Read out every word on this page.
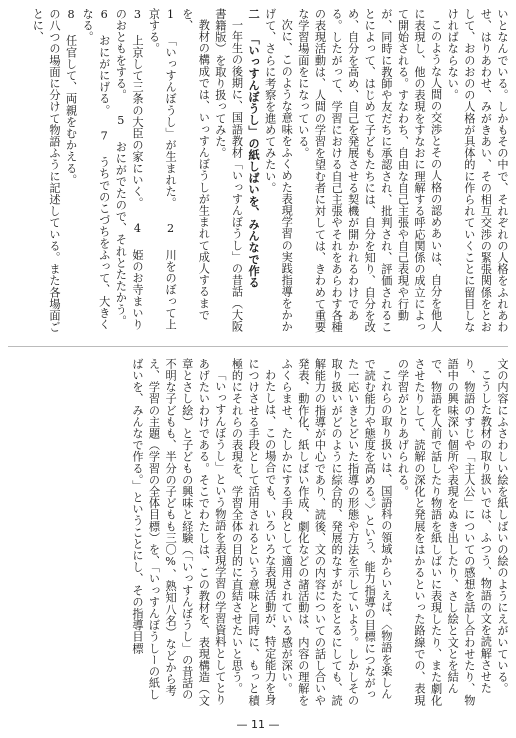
いとなんでいる。しかもその中で、それぞれの人格をふれあわせ、はりあわせ、みがきあい、その相互交渉の緊張関係をとおして、おのおのの人格が具体的に作られていくことに留目しなければならない。

このような人間の交渉とその人格の認めあいは、自分を他人に表現し、他の表現をすなおに理解する呼応関係の成立によって開始される。すなわち、自由な自己主張や自己表現や行動が、同時に教師や友だちに承認され、批判され、評価されることによって、はじめて子どもたちには、自分を知り、自分を改め、自分を高め、自己を発展させる契機が開かれるわけである。したがって、学習における自己主張やそれをあらわす各種の表現活動は、人間の学習を望む者に対しては、きわめて重要な学習場面をになっている。

次に、このような意味をふくめた表現学習の実践指導をかかげて、さらに考察を進めてみたい。

二 「いっすんぼうし」の紙しばいを、みんなで作る

一年生の後期に、国語教材「いっすんぼうし」の昔話（大阪書籍版）を取り扱ってみた。

教材の構成では、いっすんぼうしが生まれて成人するまでを、

1 「いっすんぼうし」が生まれた。 2 川をのぼって上京する。

3 上京して三条の大臣の家にいく。 4 姫のお寺まいりのおともをする。 5 おにがでたので、それとたたかう。 6 おにがにげる。 7 うちでのこづちをふって、大きくなる。

8 任官して、両親をむかえる。

の八つの場面に分けて物語ふうに記述している。また各場面ごとに、

文の内容にふさわしい絵を紙しばいの絵のようにえがいている。

こうした教材の取り扱いでは、ふつう、物語の文を読解させたり、物語のすじや「主人公」についての感想を話し合わせたり、物語中の興味深い個所や表現をぬき出したり、さし絵と文とを結んで、物語を人前で話したり物語を紙しばいに表現したり、また劇化させたりして、読解の深化と発展をはかるといった路線での、表現の学習がとりあげられる。

これらの取り扱いは、国語科の領域からいえば、〈物語を楽しんで読む能力や態度を高める。〉という、能力指導の目標につながった一応いきとどいた指導の形態や方法を示していよう。しかしその取り扱いがどのように綜合的、発展的なすがたをとるにしても、読解能力の指導が中心であり、読後、文の内容についての話し合いや発表、動作化、紙しばい作成、劇化などの諸活動は、内容の理解をふくらませ、たしかにする手段として適用されている感が深い。

わたしは、この場合でも、いろいろな表現活動が、特定能力を身につけさせる手段として活用されるという意味と同時に、もっと積極的にそれらの表現を、学習全体の目的に直結させたいと思う。

「いっすんぼうし」という物語を表現学習の学習資料としてとりあげたいわけである。そこでわたしは、この教材を、表現構造（文章とさし絵）と子どもの興味と経験（「いっすんぼうし」の昔話の不明な子どもも、半分の子どもも三〇%、熟知八名）などから考え、学習の主題（学習の全体目標）を、「いっすんぼうしーの紙しばいを、みんなで作る。」ということにし、その指導目標

— 11 —
